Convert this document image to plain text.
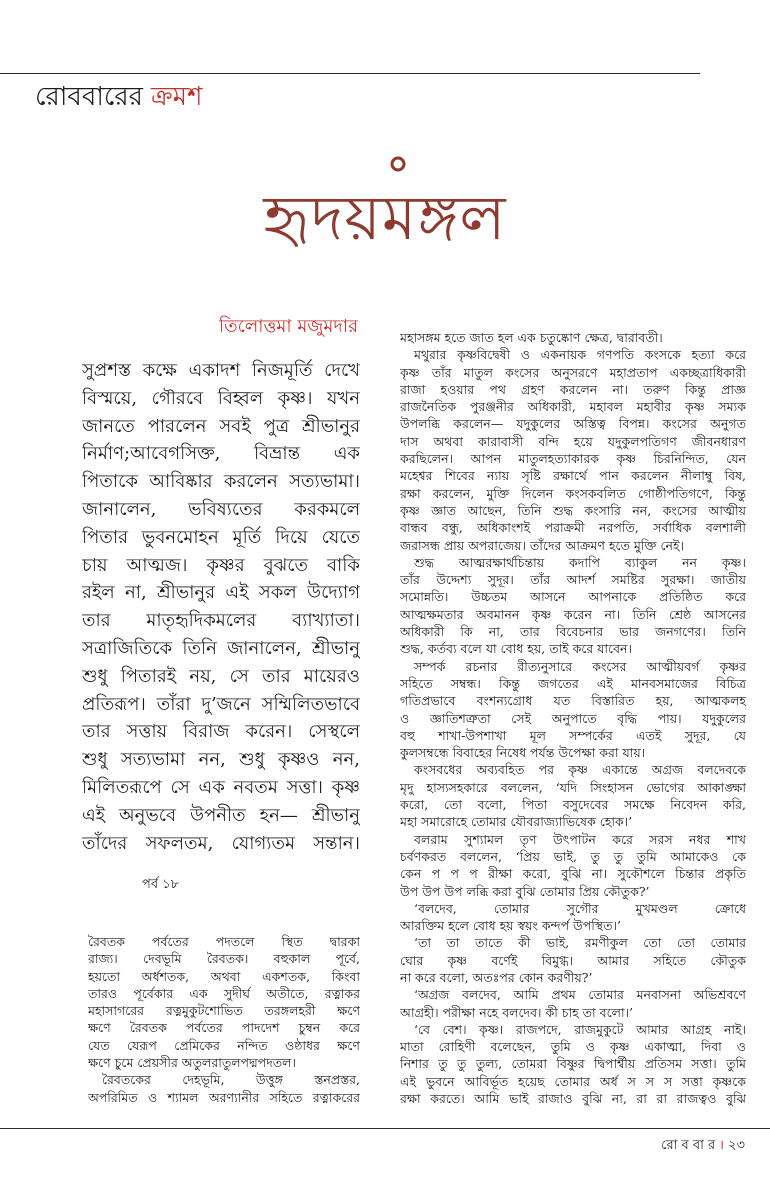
রোববারের ক্রমশ
হৃদয়মঙ্গল
তিলোত্তমা মজুমদার
সুপ্রশস্ত কক্ষে একাদশ নিজমূর্তি দেখে
বিস্ময়ে, গৌরবে বিহ্বল কৃষ্ণ। যখন
জানতে পারলেন সবই পুত্র শ্রীভানুর
নির্মাণ;আবেগসিক্ত, বিভ্রান্ত এক
পিতাকে আবিষ্কার করলেন সত্যভামা।
জানালেন, ভবিষ্যতের করকমলে
পিতার ভুবনমোহন মূর্তি দিয়ে যেতে
চায় আত্মজ। কৃষ্ণর বুঝতে বাকি
রইল না, শ্রীভানুর এই সকল উদ্যোগ
তার মাতৃহৃদিকমলের ব্যাখ্যাতা।
সত্রাজিতিকে তিনি জানালেন, শ্রীভানু
শুধু পিতারই নয়, সে তার মায়েরও
প্রতিরূপ। তাঁরা দু’জনে সম্মিলিতভাবে
তার সত্তায় বিরাজ করেন। সেস্থলে
শুধু সত্যভামা নন, শুধু কৃষ্ণও নন,
মিলিতরূপে সে এক নবতম সত্তা। কৃষ্ণ
এই অনুভবে উপনীত হন— শ্রীভানু
তাঁদের সফলতম, যোগ্যতম সন্তান।
পর্ব ১৮
রৈবতক পর্বতের পদতলে স্থিত দ্বারকা
রাজ্য। দেবভূমি রৈবতক। বহুকাল পূর্বে,
হয়তো অর্ধশতক, অথবা একশতক, কিংবা
তারও পূর্বেকার এক সুদীর্ঘ অতীতে, রত্নাকর
মহাসাগরের রত্নমুকুটশোভিত তরঙ্গলহরী ক্ষণে
ক্ষণে রৈবতক পর্বতের পাদদেশ চুম্বন করে
যেত যেরূপ প্রেমিকের নন্দিত ওষ্ঠাধর ক্ষণে
ক্ষণে চুমে প্রেয়সীর অতুলরাতুলপদ্মপদতল।
রৈবতকের দেহভূমি, উত্তুঙ্গ স্তনপ্রস্তর,
অপরিমিত ও শ্যামল অরণ্যানীর সহিতে রত্নাকরের
মহাসঙ্গম হতে জাত হল এক চতুষ্কোণ ক্ষেত্র, দ্বারাবতী।
মথুরার কৃষ্ণবিদ্বেষী ও একনায়ক গণপতি কংসকে হত্যা করে
কৃষ্ণ তাঁর মাতুল কংসের অনুসরণে মহাপ্রতাপ একচ্ছত্রাধিকারী
রাজা হওয়ার পথ গ্রহণ করলেন না। তরুণ কিন্তু প্রাজ্ঞ
রাজনৈতিক পুরঞ্জনীর অধিকারী, মহাবল মহাবীর কৃষ্ণ সম্যক
উপলব্ধি করলেন— যদুকুলের অস্তিত্ব বিপন্ন। কংসের অনুগত
দাস অথবা কারাবাসী বন্দি হয়ে যদুকুলপতিগণ জীবনধারণ
করছিলেন। আপন মাতুলহত্যাকারক কৃষ্ণ চিরনিন্দিত, যেন
মহেশ্বর শিবের ন্যায় সৃষ্টি রক্ষার্থে পান করলেন নীলাম্বু বিষ,
রক্ষা করলেন, মুক্তি দিলেন কংসকবলিত গোষ্ঠীপতিগণে, কিন্তু
কৃষ্ণ জ্ঞাত আছেন, তিনি শুদ্ধ কংসারি নন, কংসের আত্মীয়
বান্ধব বন্ধু, অধিকাংশই পরাক্রমী নরপতি, সর্বাধিক বলশালী
জরাসন্ধ প্রায় অপরাজেয়। তাঁদের আক্রমণ হতে মুক্তি নেই।
শুদ্ধ আত্মরক্ষার্থচিন্তায় কদাপি ব্যাকুল নন কৃষ্ণ।
তাঁর উদ্দেশ্য সুদূর। তাঁর আদর্শ সমষ্টির সুরক্ষা। জাতীয়
সমোন্নতি। উচ্চতম আসনে আপনাকে প্রতিষ্ঠিত করে
আত্মক্ষমতার অবমানন কৃষ্ণ করেন না। তিনি শ্রেষ্ঠ আসনের
অধিকারী কি না, তার বিবেচনার ভার জনগণের। তিনি
শুদ্ধ, কর্তব্য বলে যা বোধ হয়, তাই করে যাবেন।
সম্পর্ক রচনার রীত্যনুসারে কংসের আত্মীয়বর্গ কৃষ্ণর
সহিতে সম্বন্ধ। কিন্তু জগতের এই মানবসমাজের বিচিত্র
গতিপ্রভাবে বংশন্যগ্রোধ যত বিস্তারিত হয়, আত্মকলহ
ও জ্ঞাতিশত্রুতা সেই অনুপাতে বৃদ্ধি পায়। যদুকুলের
বহু শাখা-উপশাখা মূল সম্পর্কের এতই সুদূর, যে
কুলসম্বন্ধে বিবাহের নিষেধ পর্যন্ত উপেক্ষা করা যায়।
কংসবধের অব্যবহিত পর কৃষ্ণ একান্তে অগ্রজ বলদেবকে
মৃদু হাস্যসহকারে বললেন, ‘যদি সিংহাসন ভোগের আকাঙ্ক্ষা
করো, তো বলো, পিতা বসুদেবের সমক্ষে নিবেদন করি,
মহা সমারোহে তোমার যৌবরাজ্যাভিষেক হোক।’
বলরাম সুশ্যামল তৃণ উৎপাটন করে সরস নধর শাখ
চর্বণকরত বললেন, ‘প্রিয় ভাই, তু তু তুমি আমাকেও কে
কেন প প প রীক্ষা করো, বুঝি না। সুকৌশলে চিন্তার প্রকৃতি
উপ উপ উপ লব্ধি করা বুঝি তোমার প্রিয় কৌতুক?’
‘বলদেব, তোমার সুগৌর মুখমণ্ডল ক্রোধে
আরক্তিম হলে বোধ হয় স্বয়ং কন্দর্প উপস্থিত।’
‘তা তা তাতে কী ভাই, রমণীকুল তো তো তোমার
ঘোর কৃষ্ণ বর্ণেই বিমুগ্ধ। আমার সহিতে কৌতুক
না করে বলো, অতঃপর কোন করণীয়?’
‘অগ্রজ বলদেব, আমি প্রথম তোমার মনবাসনা অভিশ্রবণে
আগ্রহী। পরীক্ষা নহে বলদেব। কী চাহ তা বলো।’
‘বে বেশ। কৃষ্ণ। রাজপদে, রাজমুকুটে আমার আগ্রহ নাই।
মাতা রোহিণী বলেছেন, তুমি ও কৃষ্ণ একাত্মা, দিবা ও
নিশার তু তু তুল্য, তোমরা বিষ্ণুর দ্বিপার্শ্বীয় প্রতিসম সত্তা। তুমি
এই ভুবনে আবির্ভূত হয়েছ তোমার অর্ধ স স স সত্তা কৃষ্ণকে
রক্ষা করতে। আমি ভাই রাজাও বুঝি না, রা রা রাজত্বও বুঝি
রো ব বা র । ২৩
